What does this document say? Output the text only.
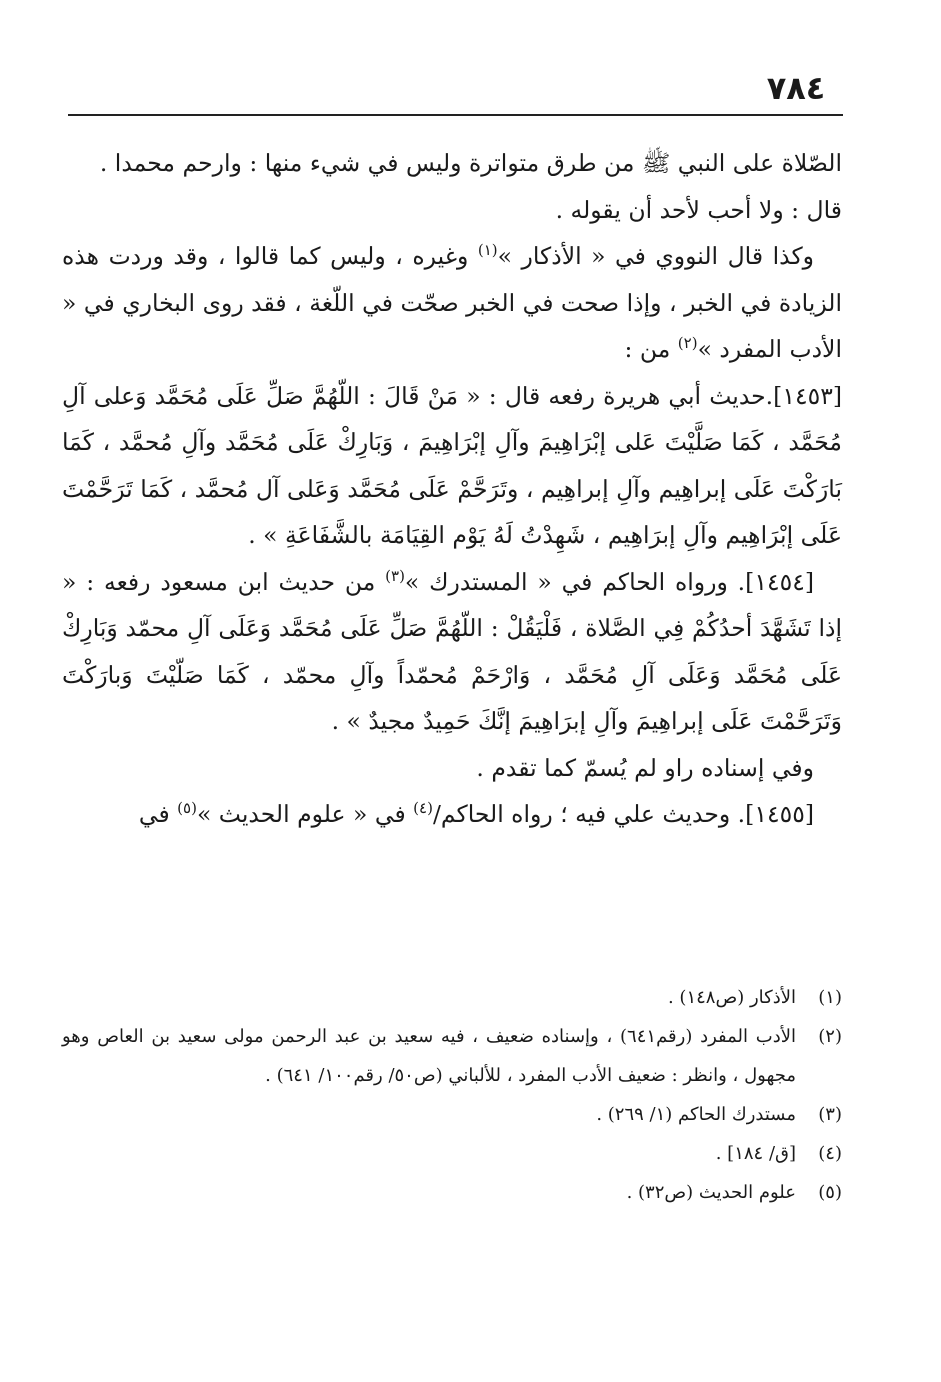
٧٨٤

الصّلاة على النبي ﷺ من طرق متواترة وليس في شيء منها : وارحم محمدا .

قال : ولا أحب لأحد أن يقوله .

وكذا قال النووي في « الأذكار »$^{(١)}$ وغيره ، وليس كما قالوا ، وقد وردت هذه الزيادة في الخبر ، وإذا صحت في الخبر صحّت في اللّغة ، فقد روى البخاري في « الأدب المفرد »$^{(٢)}$ من :

[١٤٥٣].حديث أبي هريرة رفعه قال : « مَنْ قَالَ : اللّهُمَّ صَلِّ عَلَى مُحَمَّد وَعلى آلِ مُحَمَّد ، كَمَا صَلَّيْتَ عَلى إبْرَاهِيمَ وآلِ إبْرَاهِيمَ ، وَبَارِكْ عَلَى مُحَمَّد وآلِ مُحمَّد ، كَمَا بَارَكْتَ عَلَى إبراهِيم وآلِ إبراهِيم ، وتَرَحَّمْ عَلَى مُحَمَّد وَعَلى آل مُحمَّد ، كَمَا تَرَحَّمْتَ عَلَى إبْرَاهِيم وآلِ إبرَاهِيم ، شَهِدْتُ لَهُ يَوْم القِيَامَة بالشَّفَاعَةِ » .

[١٤٥٤]. ورواه الحاكم في « المستدرك »$^{(٣)}$ من حديث ابن مسعود رفعه : « إذا تَشَهَّدَ أحدُكُمْ فِي الصَّلاة ، فَلْيَقُلْ : اللّهُمَّ صَلِّ عَلَى مُحَمَّد وَعَلَى آلِ محمّد وَبَارِكْ عَلَى مُحَمَّد وَعَلَى آلِ مُحَمَّد ، وَارْحَمْ مُحمّداً وآلِ محمّد ، كَمَا صَلّيْتَ وَبارَكْتَ وَتَرَحَّمْتَ عَلَى إبراهِيمَ وآلِ إبرَاهِيمَ إنَّكَ حَمِيدٌ مجيدٌ » .

وفي إسناده راو لم يُسمّ كما تقدم .

[١٤٥٥]. وحديث علي فيه ؛ رواه الحاكم/$^{(٤)}$ في « علوم الحديث »$^{(٥)}$ في

(١)
الأذكار (ص١٤٨) .

(٢)
الأدب المفرد (رقم٦٤١) ، وإسناده ضعيف ، فيه سعيد بن عبد الرحمن مولى سعيد بن العاص وهو مجهول ، وانظر : ضعيف الأدب المفرد ، للألباني (ص٥٠/ رقم١٠٠/ ٦٤١) .

(٣)
مستدرك الحاكم (١/ ٢٦٩) .

(٤)
[ق/ ١٨٤] .

(٥)
علوم الحديث (ص٣٢) .
